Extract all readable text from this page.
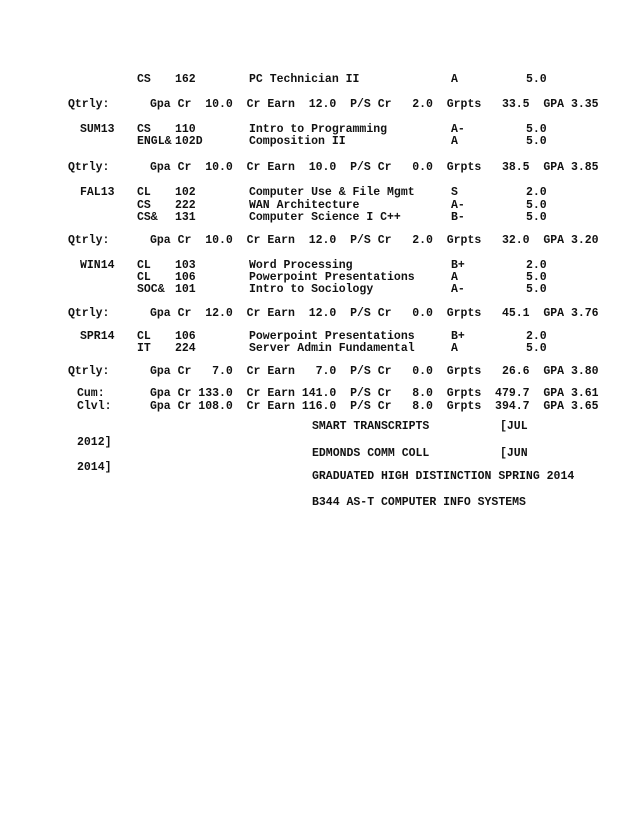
CS 162	PC Technician II	A	5.0
Qtrly:	Gpa Cr  10.0  Cr Earn  12.0  P/S Cr   2.0  Grpts   33.5  GPA 3.35
SUM13 CS 110	Intro to Programming	A-	5.0
ENGL& 102D	Composition II	A	5.0
Qtrly:	Gpa Cr  10.0  Cr Earn  10.0  P/S Cr   0.0  Grpts   38.5  GPA 3.85
FAL13 CL 102	Computer Use & File Mgmt	S	2.0
CS 222	WAN Architecture	A-	5.0
CS& 131	Computer Science I C++	B-	5.0
Qtrly:	Gpa Cr  10.0  Cr Earn  12.0  P/S Cr   2.0  Grpts   32.0  GPA 3.20
WIN14 CL 103	Word Processing	B+	2.0
CL 106	Powerpoint Presentations	A	5.0
SOC& 101	Intro to Sociology	A-	5.0
Qtrly:	Gpa Cr  12.0  Cr Earn  12.0  P/S Cr   0.0  Grpts   45.1  GPA 3.76
SPR14 CL 106	Powerpoint Presentations	B+	2.0
IT 224	Server Admin Fundamental	A	5.0
Qtrly:	Gpa Cr   7.0  Cr Earn   7.0  P/S Cr   0.0  Grpts   26.6  GPA 3.80
Cum:	Gpa Cr 133.0  Cr Earn 141.0  P/S Cr   8.0  Grpts  479.7  GPA 3.61
Clvl:	Gpa Cr 108.0  Cr Earn 116.0  P/S Cr   8.0  Grpts  394.7  GPA 3.65
SMART TRANSCRIPTS	[JUL
2012]
EDMONDS COMM COLL	[JUN
2014]
GRADUATED HIGH DISTINCTION SPRING 2014
B344 AS-T COMPUTER INFO SYSTEMS
